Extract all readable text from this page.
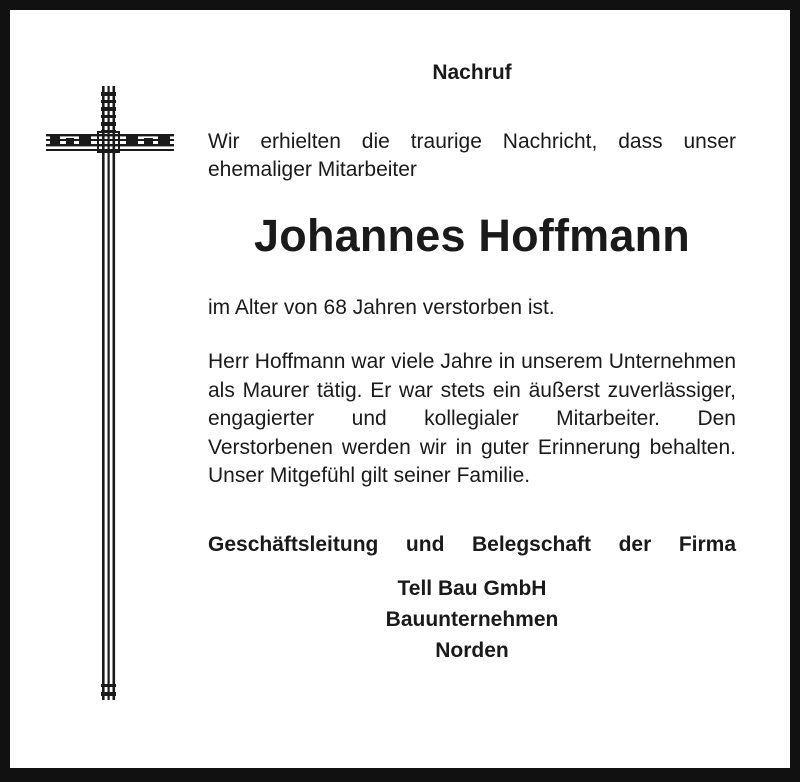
Nachruf

Wir erhielten die traurige Nachricht, dass unser ehemaliger Mitarbeiter

Johannes Hoffmann

im Alter von 68 Jahren verstorben ist.

Herr Hoffmann war viele Jahre in unserem Unternehmen als Maurer tätig. Er war stets ein äußerst zuverlässiger, engagierter und kollegialer Mitarbeiter. Den Verstorbenen werden wir in guter Erinnerung behalten. Unser Mitgefühl gilt seiner Familie.

Geschäftsleitung und Belegschaft der Firma

Tell Bau GmbH
Bauunternehmen
Norden
